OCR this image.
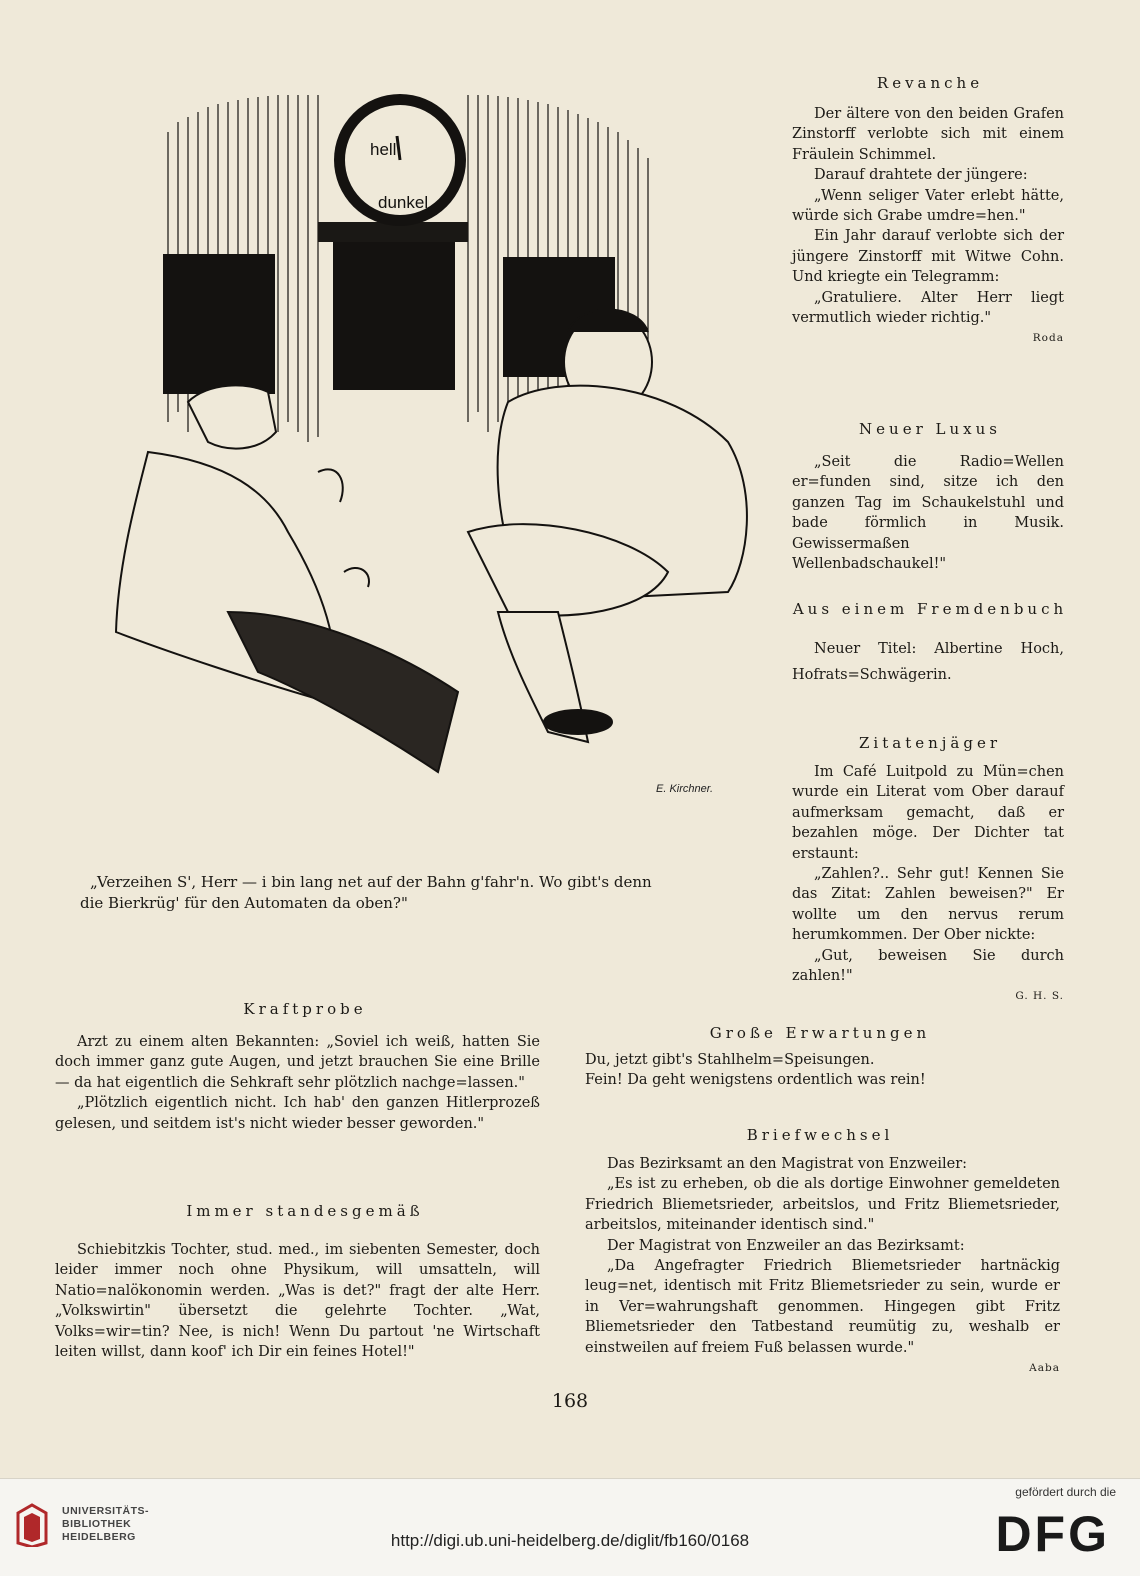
hell
dunkel
E. Kirchner.
„Verzeihen S', Herr — i bin lang net auf der Bahn g'fahr'n. Wo gibt's denn
die Bierkrüg' für den Automaten da oben?"
Revanche

Der ältere von den beiden Grafen Zinstorff verlobte sich mit einem Fräulein Schimmel.

Darauf drahtete der jüngere:

„Wenn seliger Vater erlebt hätte, würde sich Grabe umdre=hen."

Ein Jahr darauf verlobte sich der jüngere Zinstorff mit Witwe Cohn. Und kriegte ein Telegramm:

„Gratuliere. Alter Herr liegt vermutlich wieder richtig."

Roda
Neuer Luxus

„Seit die Radio=Wellen er=funden sind, sitze ich den ganzen Tag im Schaukelstuhl und bade förmlich in Musik. Gewissermaßen Wellenbadschaukel!"

Aus einem Fremdenbuch

Neuer Titel: Albertine Hoch, Hofrats=Schwägerin.

Zitatenjäger

Im Café Luitpold zu Mün=chen wurde ein Literat vom Ober darauf aufmerksam gemacht, daß er bezahlen möge. Der Dichter tat erstaunt:

„Zahlen?.. Sehr gut! Kennen Sie das Zitat: Zahlen beweisen?" Er wollte um den nervus rerum herumkommen. Der Ober nickte:

„Gut, beweisen Sie durch zahlen!"

G. H. S.
Kraftprobe

Arzt zu einem alten Bekannten: „Soviel ich weiß, hatten Sie doch immer ganz gute Augen, und jetzt brauchen Sie eine Brille — da hat eigentlich die Sehkraft sehr plötzlich nachge=lassen."

„Plötzlich eigentlich nicht. Ich hab' den ganzen Hitlerprozeß gelesen, und seitdem ist's nicht wieder besser geworden."

Immer standesgemäß

Schiebitzkis Tochter, stud. med., im siebenten Semester, doch leider immer noch ohne Physikum, will umsatteln, will Natio=nalökonomin werden. „Was is det?" fragt der alte Herr. „Volkswirtin" übersetzt die gelehrte Tochter. „Wat, Volks=wir=tin? Nee, is nich! Wenn Du partout 'ne Wirtschaft leiten willst, dann koof' ich Dir ein feines Hotel!"

Große Erwartungen

Du, jetzt gibt's Stahlhelm=Speisungen.

Fein! Da geht wenigstens ordentlich was rein!

Briefwechsel

Das Bezirksamt an den Magistrat von Enzweiler:

„Es ist zu erheben, ob die als dortige Einwohner gemeldeten Friedrich Bliemetsrieder, arbeitslos, und Fritz Bliemetsrieder, arbeitslos, miteinander identisch sind."

Der Magistrat von Enzweiler an das Bezirksamt:

„Da Angefragter Friedrich Bliemetsrieder hartnäckig leug=net, identisch mit Fritz Bliemetsrieder zu sein, wurde er in Ver=wahrungshaft genommen. Hingegen gibt Fritz Bliemetsrieder den Tatbestand reumütig zu, weshalb er einstweilen auf freiem Fuß belassen wurde."

Aaba
168
UNIVERSITÄTS-
BIBLIOTHEK
HEIDELBERG	http://digi.ub.uni-heidelberg.de/diglit/fb160/0168
gefördert durch die
DFG
